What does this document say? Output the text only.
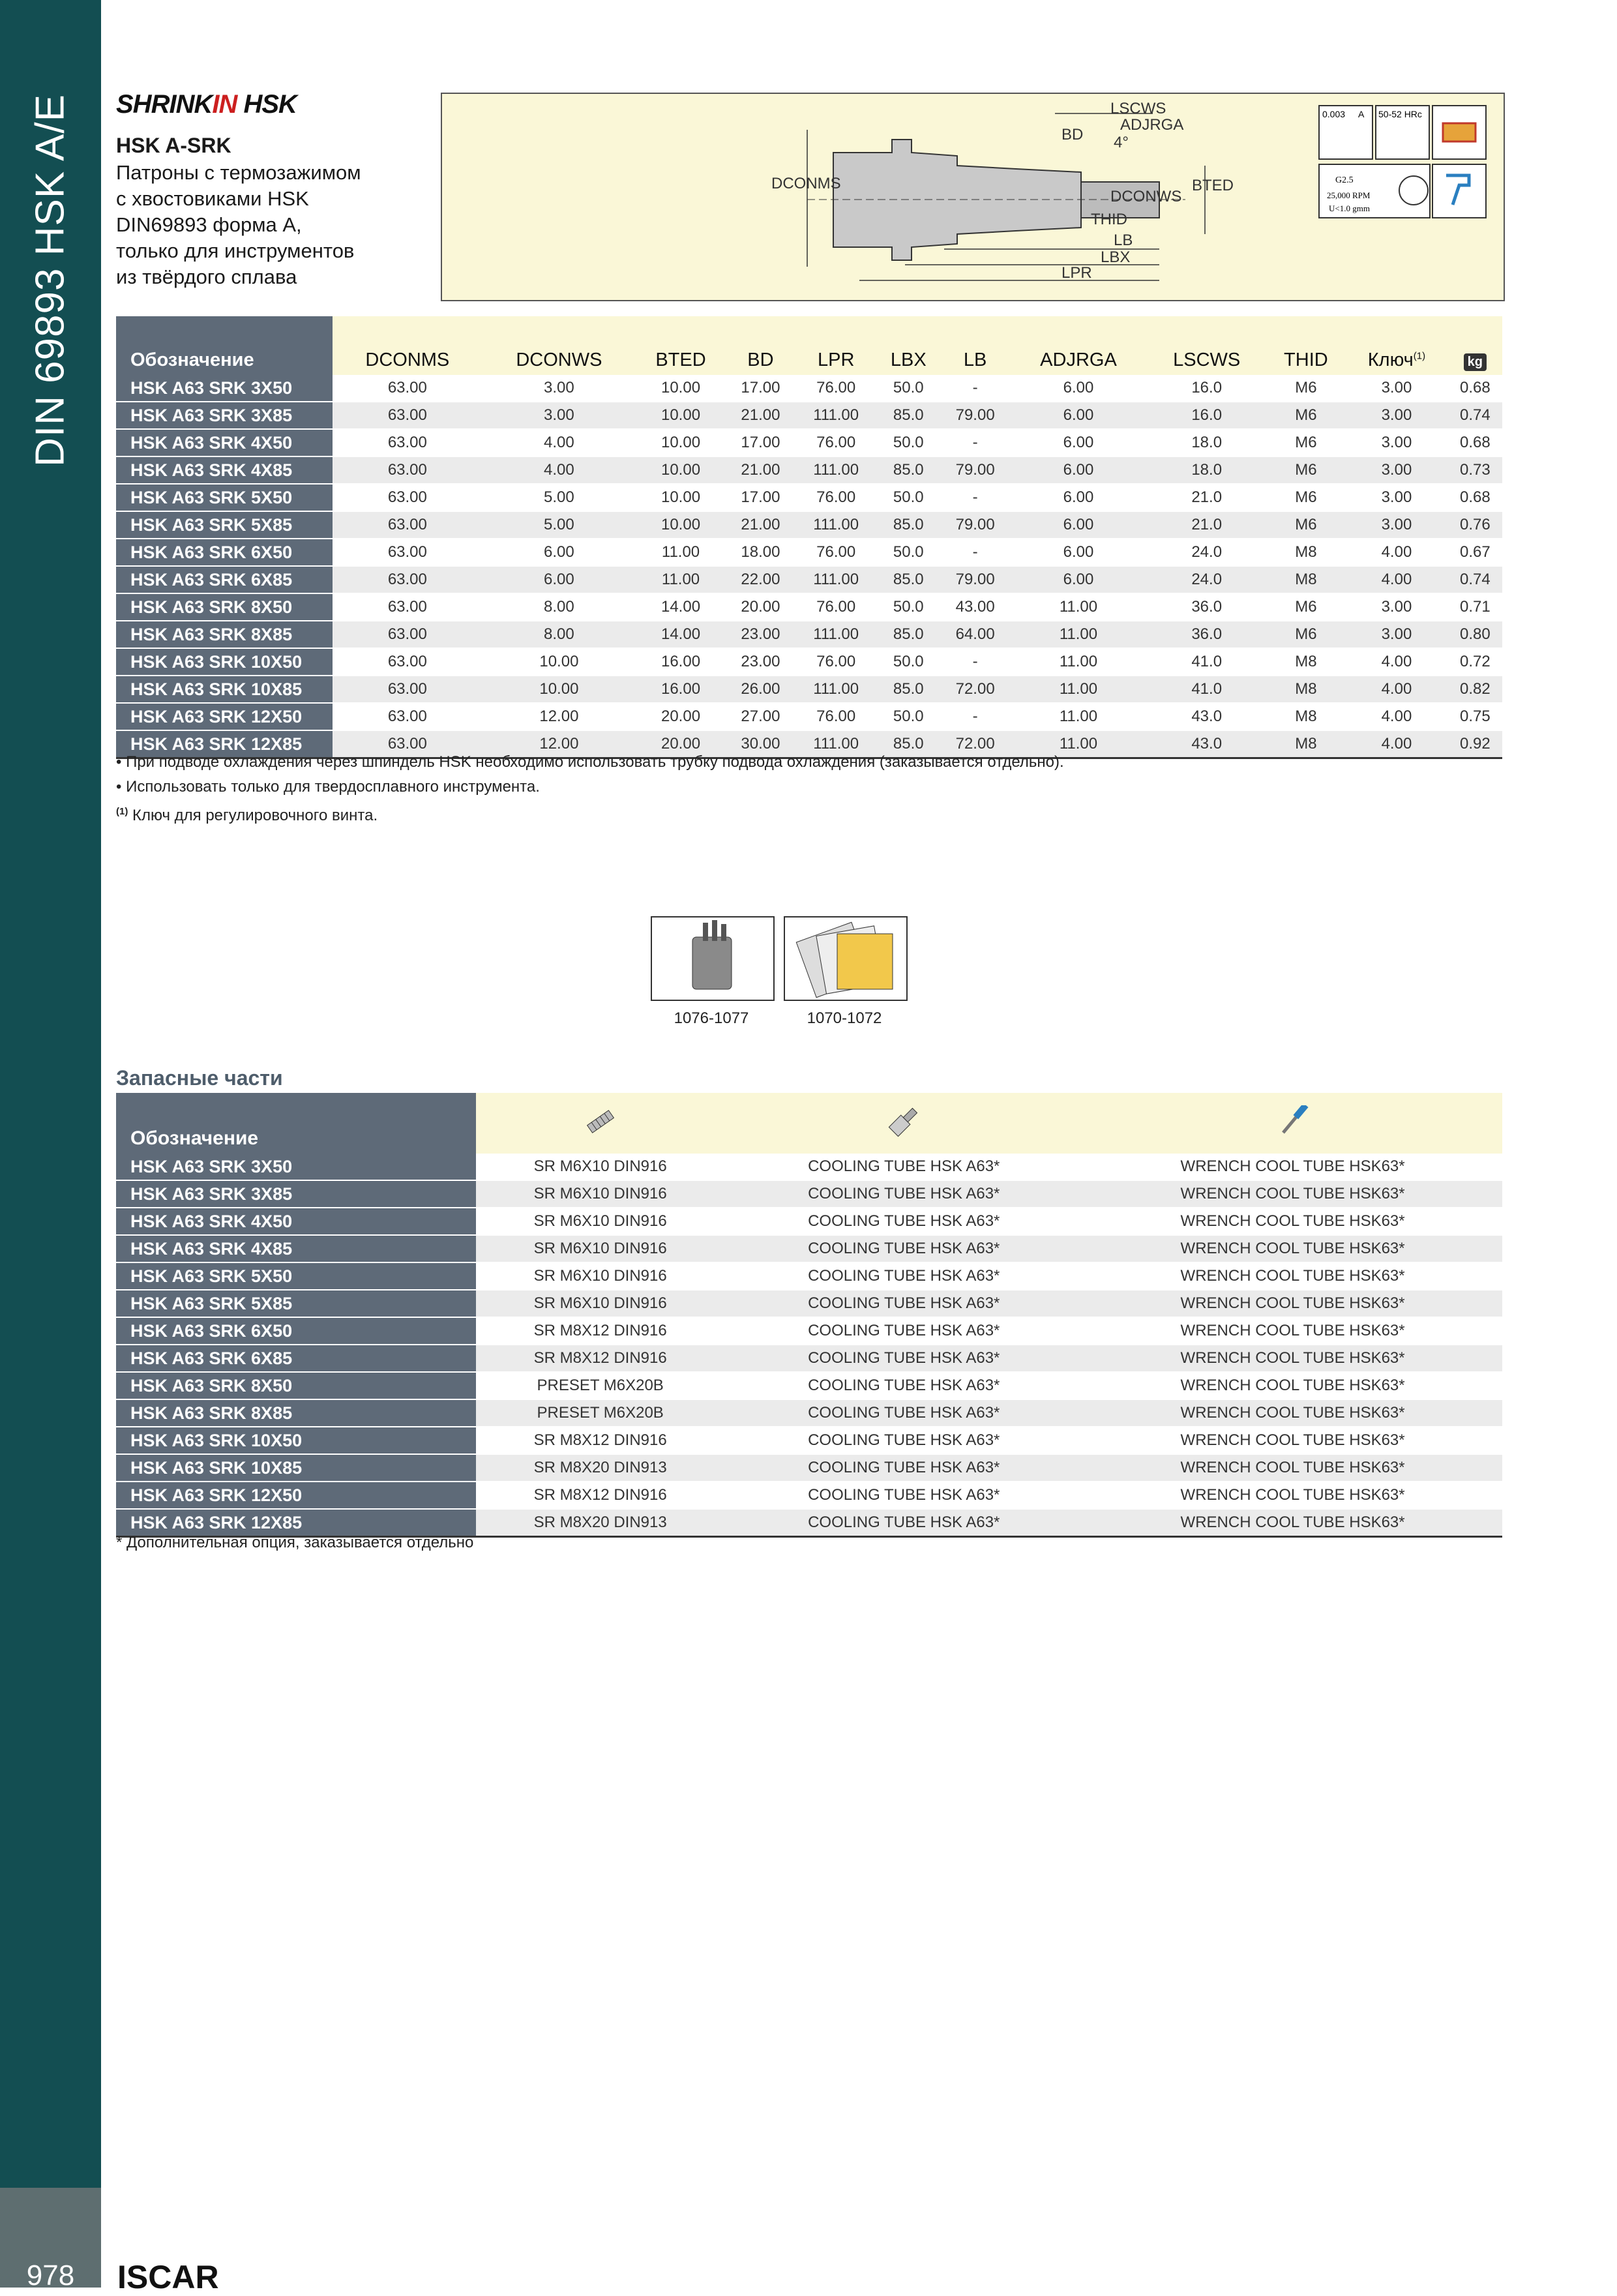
DIN 69893 HSK A/E
978	ISCAR
SHRINKIN HSK
HSK A-SRK
Патроны с термозажимом
с хвостовиками HSK
DIN69893 форма A,
только для инструментов
из твёрдого сплава
LSCWS
ADJRGA
BD 4°
DCONMS
DCONWS
BTED
THID
LB
LBX
LPR
0.003 A 50-52 HRc
G2.5
25,000 RPM
U<1.0 gmm
Обозначение	DCONMS	DCONWS	BTED	BD	LPR	LBX	LB	ADJRGA	LSCWS	THID	Ключ$^{(1)}$	kg
HSK A63 SRK 3X50	63.00	3.00	10.00	17.00	76.00	50.0	-	6.00	16.0	M6	3.00	0.68
HSK A63 SRK 3X85	63.00	3.00	10.00	21.00	111.00	85.0	79.00	6.00	16.0	M6	3.00	0.74
HSK A63 SRK 4X50	63.00	4.00	10.00	17.00	76.00	50.0	-	6.00	18.0	M6	3.00	0.68
HSK A63 SRK 4X85	63.00	4.00	10.00	21.00	111.00	85.0	79.00	6.00	18.0	M6	3.00	0.73
HSK A63 SRK 5X50	63.00	5.00	10.00	17.00	76.00	50.0	-	6.00	21.0	M6	3.00	0.68
HSK A63 SRK 5X85	63.00	5.00	10.00	21.00	111.00	85.0	79.00	6.00	21.0	M6	3.00	0.76
HSK A63 SRK 6X50	63.00	6.00	11.00	18.00	76.00	50.0	-	6.00	24.0	M8	4.00	0.67
HSK A63 SRK 6X85	63.00	6.00	11.00	22.00	111.00	85.0	79.00	6.00	24.0	M8	4.00	0.74
HSK A63 SRK 8X50	63.00	8.00	14.00	20.00	76.00	50.0	43.00	11.00	36.0	M6	3.00	0.71
HSK A63 SRK 8X85	63.00	8.00	14.00	23.00	111.00	85.0	64.00	11.00	36.0	M6	3.00	0.80
HSK A63 SRK 10X50	63.00	10.00	16.00	23.00	76.00	50.0	-	11.00	41.0	M8	4.00	0.72
HSK A63 SRK 10X85	63.00	10.00	16.00	26.00	111.00	85.0	72.00	11.00	41.0	M8	4.00	0.82
HSK A63 SRK 12X50	63.00	12.00	20.00	27.00	76.00	50.0	-	11.00	43.0	M8	4.00	0.75
HSK A63 SRK 12X85	63.00	12.00	20.00	30.00	111.00	85.0	72.00	11.00	43.0	M8	4.00	0.92
• При подводе охлаждения через шпиндель HSK необходимо использовать трубку подвода охлаждения (заказывается отдельно).
• Использовать только для твердосплавного инструмента.
$^{(1)}$ Ключ для регулировочного винта.
1076-1077	1070-1072
Запасные части
Обозначение			
HSK A63 SRK 3X50	SR M6X10 DIN916	COOLING TUBE HSK A63*	WRENCH COOL TUBE HSK63*
HSK A63 SRK 3X85	SR M6X10 DIN916	COOLING TUBE HSK A63*	WRENCH COOL TUBE HSK63*
HSK A63 SRK 4X50	SR M6X10 DIN916	COOLING TUBE HSK A63*	WRENCH COOL TUBE HSK63*
HSK A63 SRK 4X85	SR M6X10 DIN916	COOLING TUBE HSK A63*	WRENCH COOL TUBE HSK63*
HSK A63 SRK 5X50	SR M6X10 DIN916	COOLING TUBE HSK A63*	WRENCH COOL TUBE HSK63*
HSK A63 SRK 5X85	SR M6X10 DIN916	COOLING TUBE HSK A63*	WRENCH COOL TUBE HSK63*
HSK A63 SRK 6X50	SR M8X12 DIN916	COOLING TUBE HSK A63*	WRENCH COOL TUBE HSK63*
HSK A63 SRK 6X85	SR M8X12 DIN916	COOLING TUBE HSK A63*	WRENCH COOL TUBE HSK63*
HSK A63 SRK 8X50	PRESET M6X20B	COOLING TUBE HSK A63*	WRENCH COOL TUBE HSK63*
HSK A63 SRK 8X85	PRESET M6X20B	COOLING TUBE HSK A63*	WRENCH COOL TUBE HSK63*
HSK A63 SRK 10X50	SR M8X12 DIN916	COOLING TUBE HSK A63*	WRENCH COOL TUBE HSK63*
HSK A63 SRK 10X85	SR M8X20 DIN913	COOLING TUBE HSK A63*	WRENCH COOL TUBE HSK63*
HSK A63 SRK 12X50	SR M8X12 DIN916	COOLING TUBE HSK A63*	WRENCH COOL TUBE HSK63*
HSK A63 SRK 12X85	SR M8X20 DIN913	COOLING TUBE HSK A63*	WRENCH COOL TUBE HSK63*
* Дополнительная опция, заказывается отдельно
